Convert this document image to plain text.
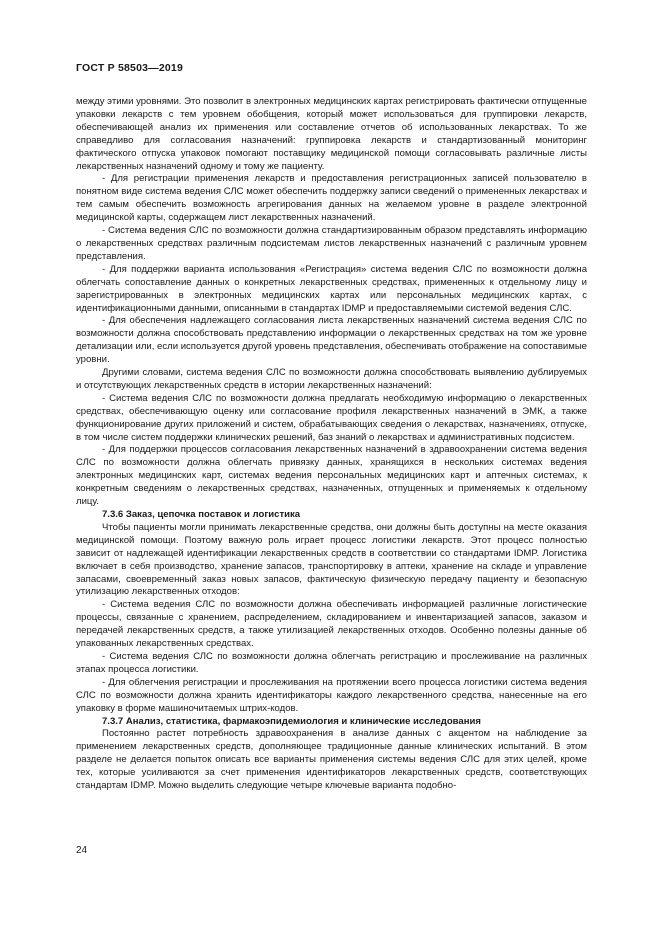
ГОСТ Р 58503—2019

между этими уровнями. Это позволит в электронных медицинских картах регистрировать фактически отпущенные упаковки лекарств с тем уровнем обобщения, который может использоваться для группировки лекарств, обеспечивающей анализ их применения или составление отчетов об использованных лекарствах. То же справедливо для согласования назначений: группировка лекарств и стандартизованный мониторинг фактического отпуска упаковок помогают поставщику медицинской помощи согласовывать различные листы лекарственных назначений одному и тому же пациенту.

- Для регистрации применения лекарств и предоставления регистрационных записей пользователю в понятном виде система ведения СЛС может обеспечить поддержку записи сведений о примененных лекарствах и тем самым обеспечить возможность агрегирования данных на желаемом уровне в разделе электронной медицинской карты, содержащем лист лекарственных назначений.

- Система ведения СЛС по возможности должна стандартизированным образом представлять информацию о лекарственных средствах различным подсистемам листов лекарственных назначений с различным уровнем представления.

- Для поддержки варианта использования «Регистрация» система ведения СЛС по возможности должна облегчать сопоставление данных о конкретных лекарственных средствах, примененных к отдельному лицу и зарегистрированных в электронных медицинских картах или персональных медицинских картах, с идентификационными данными, описанными в стандартах IDMP и предоставляемыми системой ведения СЛС.

- Для обеспечения надлежащего согласования листа лекарственных назначений система ведения СЛС по возможности должна способствовать представлению информации о лекарственных средствах на том же уровне детализации или, если используется другой уровень представления, обеспечивать отображение на сопоставимые уровни.

Другими словами, система ведения СЛС по возможности должна способствовать выявлению дублируемых и отсутствующих лекарственных средств в истории лекарственных назначений:

- Система ведения СЛС по возможности должна предлагать необходимую информацию о лекарственных средствах, обеспечивающую оценку или согласование профиля лекарственных назначений в ЭМК, а также функционирование других приложений и систем, обрабатывающих сведения о лекарствах, назначениях, отпуске, в том числе систем поддержки клинических решений, баз знаний о лекарствах и административных подсистем.

- Для поддержки процессов согласования лекарственных назначений в здравоохранении система ведения СЛС по возможности должна облегчать привязку данных, хранящихся в нескольких системах ведения электронных медицинских карт, системах ведения персональных медицинских карт и аптечных системах, к конкретным сведениям о лекарственных средствах, назначенных, отпущенных и применяемых к отдельному лицу.

7.3.6 Заказ, цепочка поставок и логистика

Чтобы пациенты могли принимать лекарственные средства, они должны быть доступны на месте оказания медицинской помощи. Поэтому важную роль играет процесс логистики лекарств. Этот процесс полностью зависит от надлежащей идентификации лекарственных средств в соответствии со стандартами IDMP. Логистика включает в себя производство, хранение запасов, транспортировку в аптеки, хранение на складе и управление запасами, своевременный заказ новых запасов, фактическую физическую передачу пациенту и безопасную утилизацию лекарственных отходов:

- Система ведения СЛС по возможности должна обеспечивать информацией различные логистические процессы, связанные с хранением, распределением, складированием и инвентаризацией запасов, заказом и передачей лекарственных средств, а также утилизацией лекарственных отходов. Особенно полезны данные об упакованных лекарственных средствах.

- Система ведения СЛС по возможности должна облегчать регистрацию и прослеживание на различных этапах процесса логистики.

- Для облегчения регистрации и прослеживания на протяжении всего процесса логистики система ведения СЛС по возможности должна хранить идентификаторы каждого лекарственного средства, нанесенные на его упаковку в форме машиночитаемых штрих-кодов.

7.3.7 Анализ, статистика, фармакоэпидемиология и клинические исследования

Постоянно растет потребность здравоохранения в анализе данных с акцентом на наблюдение за применением лекарственных средств, дополняющее традиционные данные клинических испытаний. В этом разделе не делается попыток описать все варианты применения системы ведения СЛС для этих целей, кроме тех, которые усиливаются за счет применения идентификаторов лекарственных средств, соответствующих стандартам IDMP. Можно выделить следующие четыре ключевые варианта подобно-

24
